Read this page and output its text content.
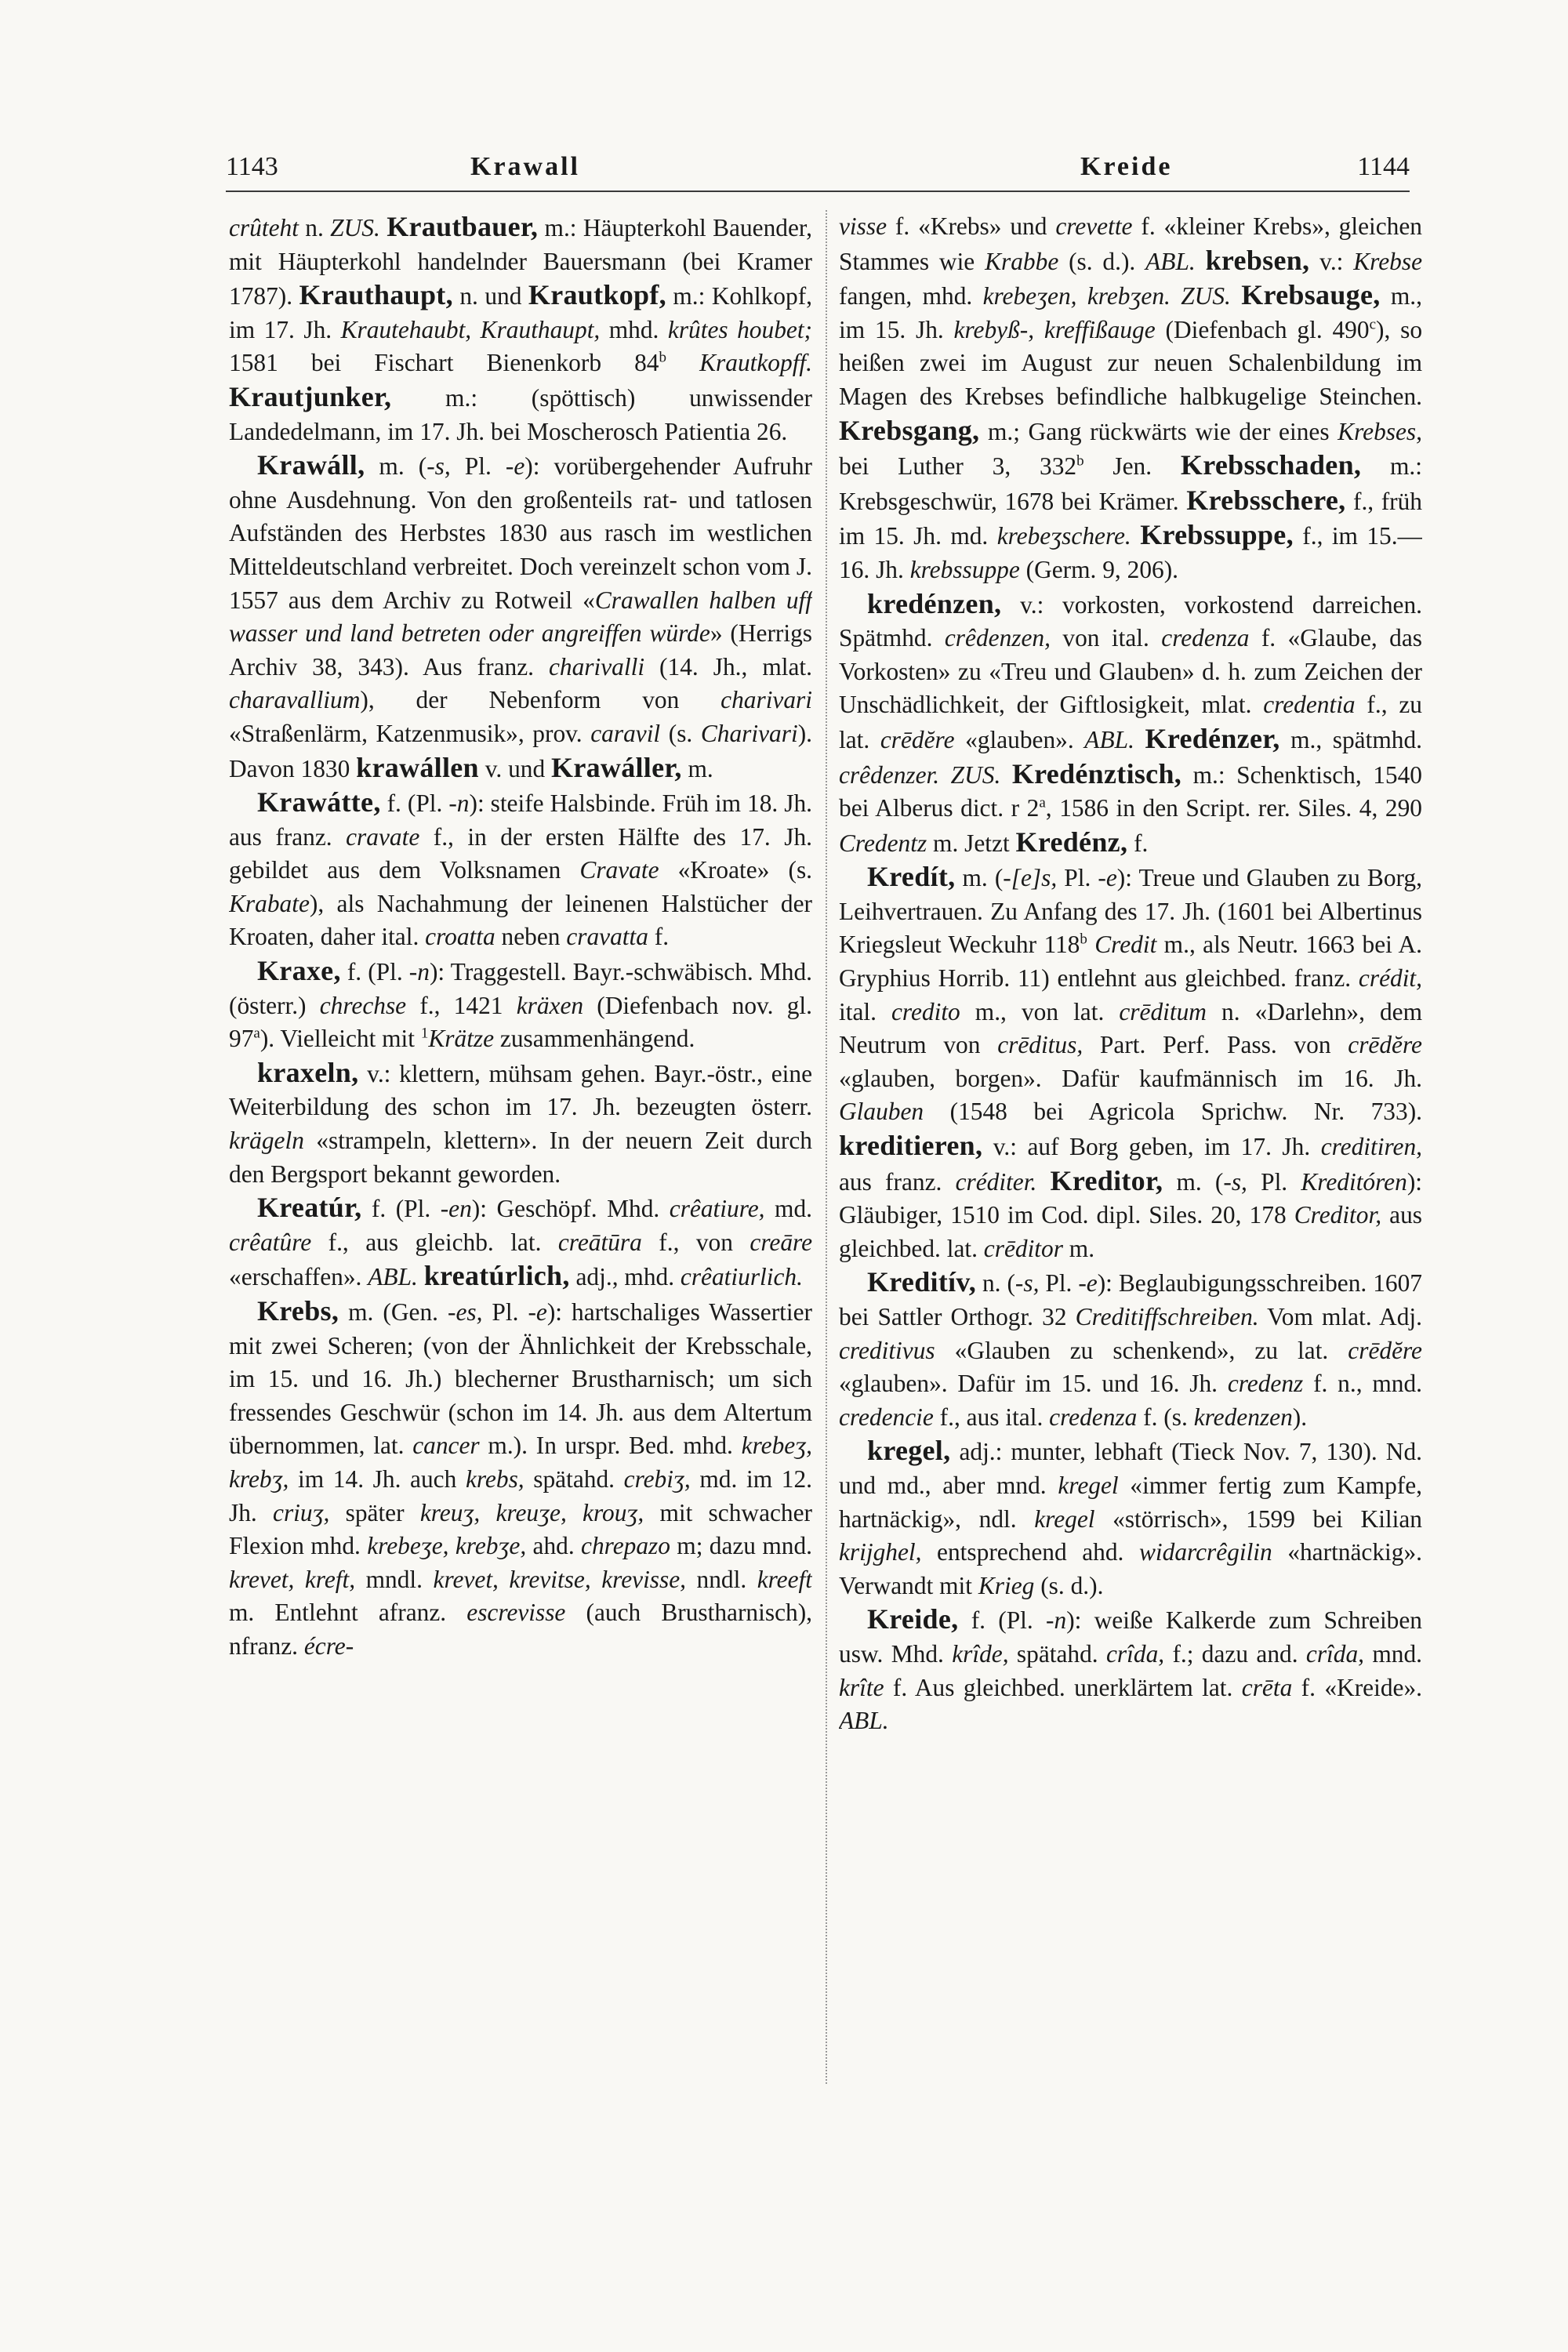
1143	Krawall	Kreide	1144

crûteht n. ZUS. Krautbauer, m.: Häupterkohl Bauender, mit Häupterkohl handelnder Bauersmann (bei Kramer 1787). Krauthaupt, n. und Krautkopf, m.: Kohlkopf, im 17. Jh. Krautehaubt, Krauthaupt, mhd. krûtes houbet; 1581 bei Fischart Bienenkorb 84$^b$ Krautkopff. Krautjunker, m.: (spöttisch) unwissender Landedelmann, im 17. Jh. bei Moscherosch Patientia 26.

Krawáll, m. (-s, Pl. -e): vorübergehender Aufruhr ohne Ausdehnung. Von den großenteils rat- und tatlosen Aufständen des Herbstes 1830 aus rasch im westlichen Mitteldeutschland verbreitet. Doch vereinzelt schon vom J. 1557 aus dem Archiv zu Rotweil «Crawallen halben uff wasser und land betreten oder angreiffen würde» (Herrigs Archiv 38, 343). Aus franz. charivalli (14. Jh., mlat. charavallium), der Nebenform von charivari «Straßenlärm, Katzenmusik», prov. caravil (s. Charivari). Davon 1830 krawállen v. und Krawáller, m.

Krawátte, f. (Pl. -n): steife Halsbinde. Früh im 18. Jh. aus franz. cravate f., in der ersten Hälfte des 17. Jh. gebildet aus dem Volksnamen Cravate «Kroate» (s. Krabate), als Nachahmung der leinenen Halstücher der Kroaten, daher ital. croatta neben cravatta f.

Kraxe, f. (Pl. -n): Traggestell. Bayr.-schwäbisch. Mhd. (österr.) chrechse f., 1421 kräxen (Diefenbach nov. gl. 97$^a$). Vielleicht mit $^1$Krätze zusammenhängend.

kraxeln, v.: klettern, mühsam gehen. Bayr.-östr., eine Weiterbildung des schon im 17. Jh. bezeugten österr. krägeln «strampeln, klettern». In der neuern Zeit durch den Bergsport bekannt geworden.

Kreatúr, f. (Pl. -en): Geschöpf. Mhd. crêatiure, md. crêatûre f., aus gleichb. lat. creātūra f., von creāre «erschaffen». ABL. kreatúrlich, adj., mhd. crêatiurlich.

Krebs, m. (Gen. -es, Pl. -e): hartschaliges Wassertier mit zwei Scheren; (von der Ähnlichkeit der Krebsschale, im 15. und 16. Jh.) blecherner Brustharnisch; um sich fressendes Geschwür (schon im 14. Jh. aus dem Altertum übernommen, lat. cancer m.). In urspr. Bed. mhd. krebeʒ, krebʒ, im 14. Jh. auch krebs, spätahd. crebiʒ, md. im 12. Jh. criuʒ, später kreuʒ, kreuʒe, krouʒ, mit schwacher Flexion mhd. krebeʒe, krebʒe, ahd. chrepazo m; dazu mnd. krevet, kreft, mndl. krevet, krevitse, krevisse, nndl. kreeft m. Entlehnt afranz. escrevisse (auch Brustharnisch), nfranz. écre-

visse f. «Krebs» und crevette f. «kleiner Krebs», gleichen Stammes wie Krabbe (s. d.). ABL. krebsen, v.: Krebse fangen, mhd. krebeʒen, krebʒen. ZUS. Krebsauge, m., im 15. Jh. krebyß-, kreffißauge (Diefenbach gl. 490$^c$), so heißen zwei im August zur neuen Schalenbildung im Magen des Krebses befindliche halbkugelige Steinchen. Krebsgang, m.; Gang rückwärts wie der eines Krebses, bei Luther 3, 332$^b$ Jen. Krebsschaden, m.: Krebsgeschwür, 1678 bei Krämer. Krebsschere, f., früh im 15. Jh. md. krebeʒschere. Krebssuppe, f., im 15.—16. Jh. krebssuppe (Germ. 9, 206).

kredénzen, v.: vorkosten, vorkostend darreichen. Spätmhd. crêdenzen, von ital. credenza f. «Glaube, das Vorkosten» zu «Treu und Glauben» d. h. zum Zeichen der Unschädlichkeit, der Giftlosigkeit, mlat. credentia f., zu lat. crēdĕre «glauben». ABL. Kredénzer, m., spätmhd. crêdenzer. ZUS. Kredénztisch, m.: Schenktisch, 1540 bei Alberus dict. r 2$^a$, 1586 in den Script. rer. Siles. 4, 290 Credentz m. Jetzt Kredénz, f.

Kredít, m. (-[e]s, Pl. -e): Treue und Glauben zu Borg, Leihvertrauen. Zu Anfang des 17. Jh. (1601 bei Albertinus Kriegsleut Weckuhr 118$^b$ Credit m., als Neutr. 1663 bei A. Gryphius Horrib. 11) entlehnt aus gleichbed. franz. crédit, ital. credito m., von lat. crēditum n. «Darlehn», dem Neutrum von crēditus, Part. Perf. Pass. von crēdĕre «glauben, borgen». Dafür kaufmännisch im 16. Jh. Glauben (1548 bei Agricola Sprichw. Nr. 733). kreditieren, v.: auf Borg geben, im 17. Jh. creditiren, aus franz. créditer. Kreditor, m. (-s, Pl. Kreditóren): Gläubiger, 1510 im Cod. dipl. Siles. 20, 178 Creditor, aus gleichbed. lat. crēditor m.

Kreditív, n. (-s, Pl. -e): Beglaubigungsschreiben. 1607 bei Sattler Orthogr. 32 Creditiffschreiben. Vom mlat. Adj. creditivus «Glauben zu schenkend», zu lat. crēdĕre «glauben». Dafür im 15. und 16. Jh. credenz f. n., mnd. credencie f., aus ital. credenza f. (s. kredenzen).

kregel, adj.: munter, lebhaft (Tieck Nov. 7, 130). Nd. und md., aber mnd. kregel «immer fertig zum Kampfe, hartnäckig», ndl. kregel «störrisch», 1599 bei Kilian krijghel, entsprechend ahd. widarcrêgilin «hartnäckig». Verwandt mit Krieg (s. d.).

Kreide, f. (Pl. -n): weiße Kalkerde zum Schreiben usw. Mhd. krîde, spätahd. crîda, f.; dazu and. crîda, mnd. krîte f. Aus gleichbed. unerklärtem lat. crēta f. «Kreide». ABL.
